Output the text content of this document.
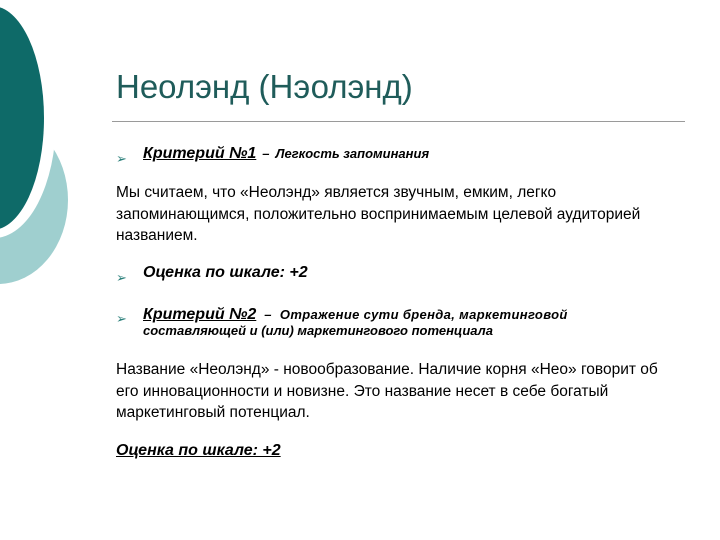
Неолэнд (Нэолэнд)
➢ Критерий №1 – Легкость запоминания
Мы считаем, что «Неолэнд» является звучным, емким, легко запоминающимся, положительно воспринимаемым целевой аудиторией названием.
➢ Оценка по шкале: +2
➢ Критерий №2 – Отражение сути бренда, маркетинговой
составляющей и (или) маркетингового потенциала
Название «Неолэнд» - новообразование. Наличие корня «Нео» говорит об его инновационности и новизне. Это название несет в себе богатый маркетинговый потенциал.
Оценка по шкале: +2
